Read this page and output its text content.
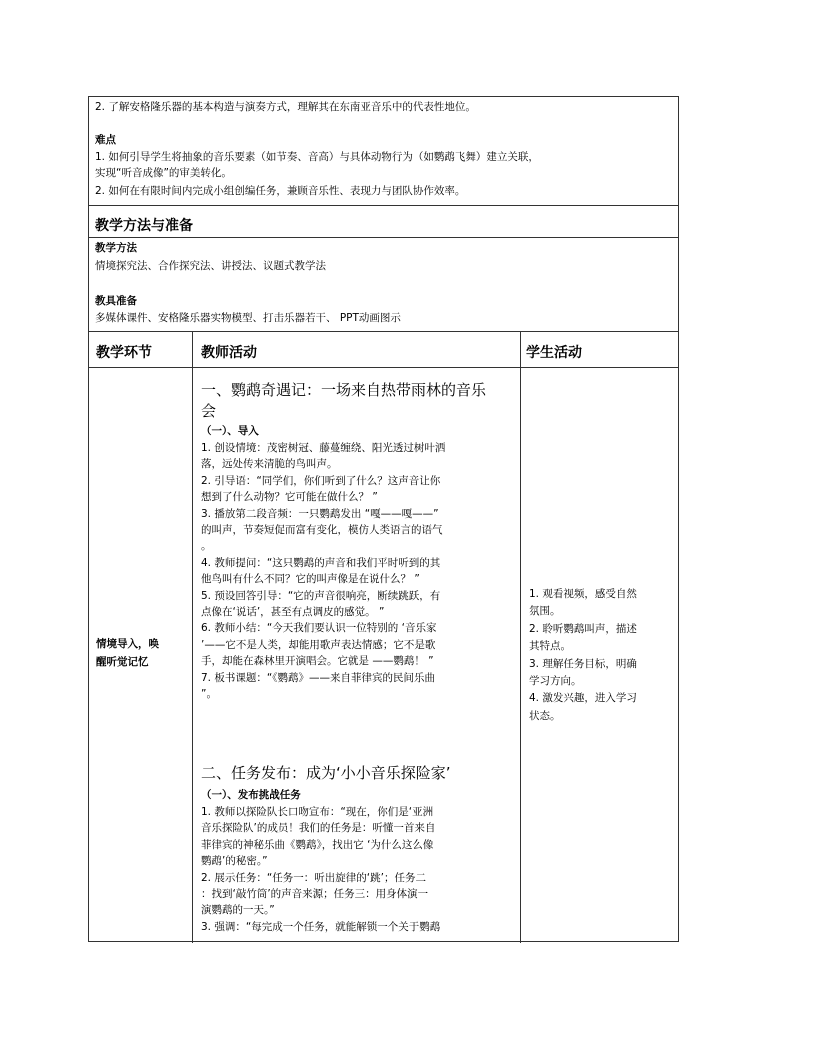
2. 了解安格隆乐器的基本构造与演奏方式，理解其在东南亚音乐中的代表性地位。
难点
1. 如何引导学生将抽象的音乐要素（如节奏、音高）与具体动物行为（如鹦鹉飞舞）建立关联，
实现“听音成像”的审美转化。
2. 如何在有限时间内完成小组创编任务，兼顾音乐性、表现力与团队协作效率。
教学方法与准备
教学方法
情境探究法、合作探究法、讲授法、议题式教学法
教具准备
多媒体课件、安格隆乐器实物模型、打击乐器若干、 PPT动画图示
教学环节	教师活动	学生活动
情境导入，唤
醒听觉记忆
一、鹦鹉奇遇记：一场来自热带雨林的音乐
会
（一）、导入
1. 创设情境：茂密树冠、藤蔓缠绕、阳光透过树叶洒
落，远处传来清脆的鸟叫声。
2. 引导语：“同学们，你们听到了什么？这声音让你
想到了什么动物？它可能在做什么？ ”
3. 播放第二段音频：一只鹦鹉发出 “嘎——嘎——”
的叫声，节奏短促而富有变化，模仿人类语言的语气
。
4. 教师提问：“这只鹦鹉的声音和我们平时听到的其
他鸟叫有什么不同？它的叫声像是在说什么？ ”
5. 预设回答引导：“它的声音很响亮，断续跳跃，有
点像在‘说话’，甚至有点调皮的感觉。 ”
6. 教师小结：“今天我们要认识一位特别的 ‘音乐家
’——它不是人类，却能用歌声表达情感；它不是歌
手，却能在森林里开演唱会。它就是 ——鹦鹉！ ”
7. 板书课题：“《鹦鹉》——来自菲律宾的民间乐曲
”。
二、任务发布：成为‘小小音乐探险家’
（一）、发布挑战任务
1. 教师以探险队长口吻宣布：“现在，你们是‘亚洲
音乐探险队’的成员！我们的任务是：听懂一首来自
菲律宾的神秘乐曲《鹦鹉》，找出它 ‘为什么这么像
鹦鹉’的秘密。”
2. 展示任务：“任务一：听出旋律的‘跳’；任务二
：找到‘敲竹筒’的声音来源；任务三：用身体演一
演鹦鹉的一天。”
3. 强调：“每完成一个任务，就能解锁一个关于鹦鹉
1. 观看视频，感受自然
氛围。
2. 聆听鹦鹉叫声，描述
其特点。
3. 理解任务目标，明确
学习方向。
4. 激发兴趣，进入学习
状态。
